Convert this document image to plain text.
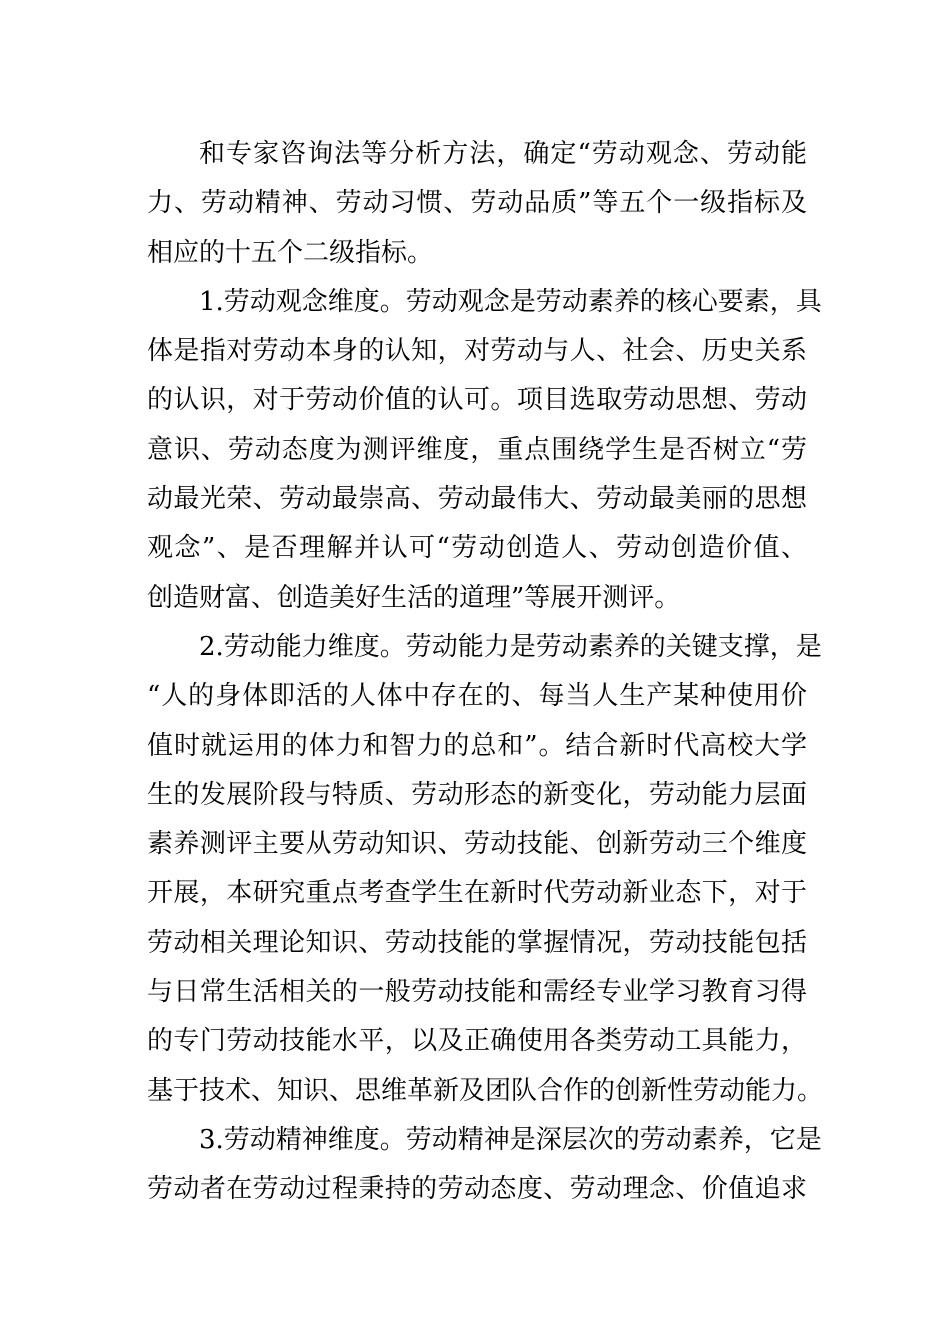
和专家咨询法等分析方法，确定“劳动观念、劳动能
力、劳动精神、劳动习惯、劳动品质”等五个一级指标及
相应的十五个二级指标。
1.劳动观念维度。劳动观念是劳动素养的核心要素，具
体是指对劳动本身的认知，对劳动与人、社会、历史关系
的认识，对于劳动价值的认可。项目选取劳动思想、劳动
意识、劳动态度为测评维度，重点围绕学生是否树立“劳
动最光荣、劳动最崇高、劳动最伟大、劳动最美丽的思想
观念”、是否理解并认可“劳动创造人、劳动创造价值、
创造财富、创造美好生活的道理”等展开测评。
2.劳动能力维度。劳动能力是劳动素养的关键支撑，是
“人的身体即活的人体中存在的、每当人生产某种使用价
值时就运用的体力和智力的总和”。结合新时代高校大学
生的发展阶段与特质、劳动形态的新变化，劳动能力层面
素养测评主要从劳动知识、劳动技能、创新劳动三个维度
开展，本研究重点考查学生在新时代劳动新业态下，对于
劳动相关理论知识、劳动技能的掌握情况，劳动技能包括
与日常生活相关的一般劳动技能和需经专业学习教育习得
的专门劳动技能水平，以及正确使用各类劳动工具能力，
基于技术、知识、思维革新及团队合作的创新性劳动能力。
3.劳动精神维度。劳动精神是深层次的劳动素养，它是
劳动者在劳动过程秉持的劳动态度、劳动理念、价值追求
